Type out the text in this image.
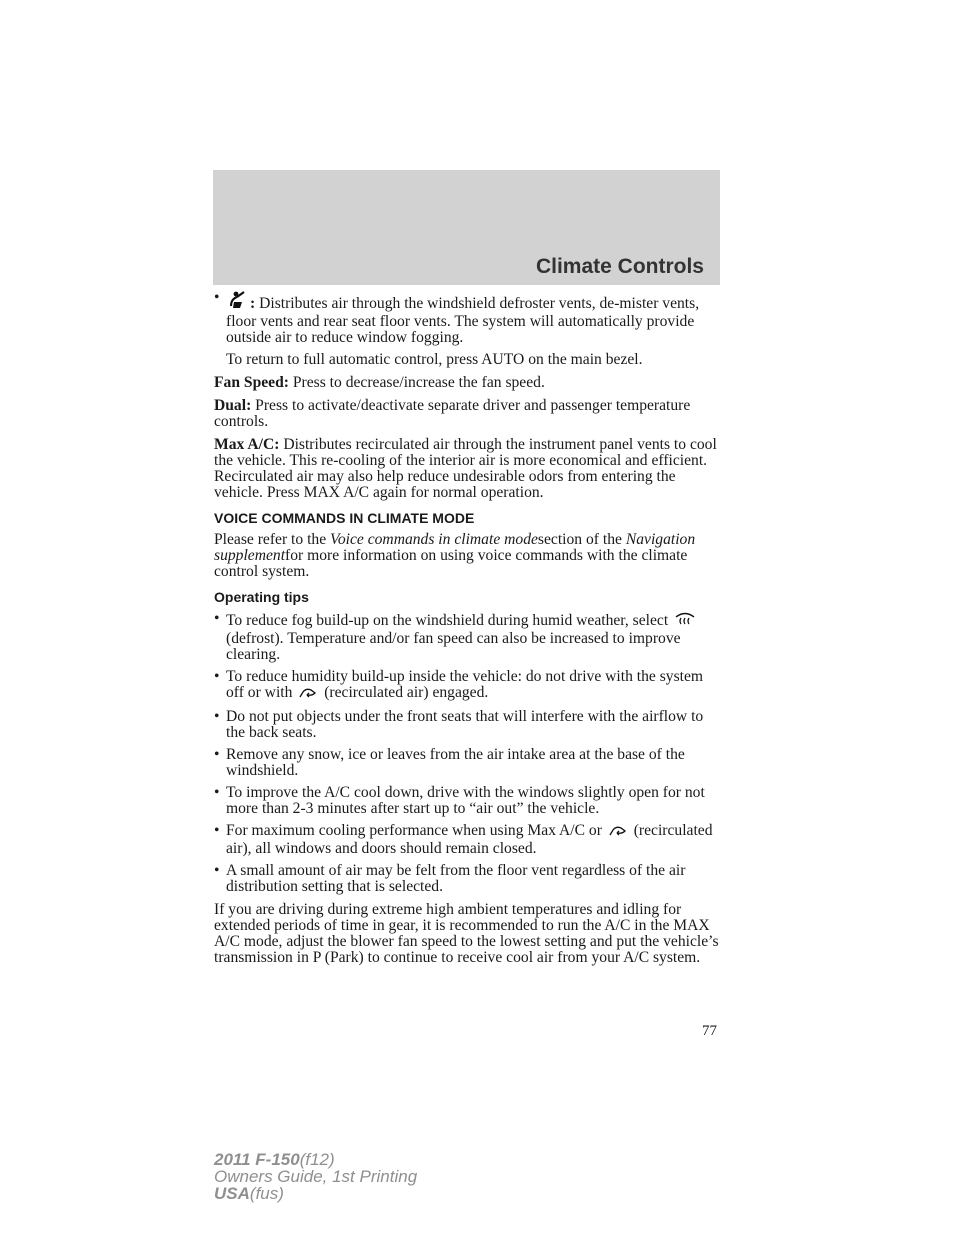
Climate Controls
• : Distributes air through the windshield defroster vents, de-mister vents, floor vents and rear seat floor vents. The system will automatically provide outside air to reduce window fogging.

To return to full automatic control, press AUTO on the main bezel.

Fan Speed: Press to decrease/increase the fan speed.

Dual: Press to activate/deactivate separate driver and passenger temperature controls.

Max A/C: Distributes recirculated air through the instrument panel vents to cool the vehicle. This re-cooling of the interior air is more economical and efficient. Recirculated air may also help reduce undesirable odors from entering the vehicle. Press MAX A/C again for normal operation.

VOICE COMMANDS IN CLIMATE MODE

Please refer to the Voice commands in climate modesection of the Navigation supplementfor more information on using voice commands with the climate control system.

Operating tips

• To reduce fog build-up on the windshield during humid weather, select  (defrost). Temperature and/or fan speed can also be increased to improve clearing.
• To reduce humidity build-up inside the vehicle: do not drive with the system off or with (recirculated air) engaged.
• Do not put objects under the front seats that will interfere with the airflow to the back seats.
• Remove any snow, ice or leaves from the air intake area at the base of the windshield.
• To improve the A/C cool down, drive with the windows slightly open for not more than 2-3 minutes after start up to “air out” the vehicle.
• For maximum cooling performance when using Max A/C or (recirculated air), all windows and doors should remain closed.
• A small amount of air may be felt from the floor vent regardless of the air distribution setting that is selected.

If you are driving during extreme high ambient temperatures and idling for extended periods of time in gear, it is recommended to run the A/C in the MAX A/C mode, adjust the blower fan speed to the lowest setting and put the vehicle’s transmission in P (Park) to continue to receive cool air from your A/C system.

77
2011 F-150(f12)
Owners Guide, 1st Printing
USA(fus)
